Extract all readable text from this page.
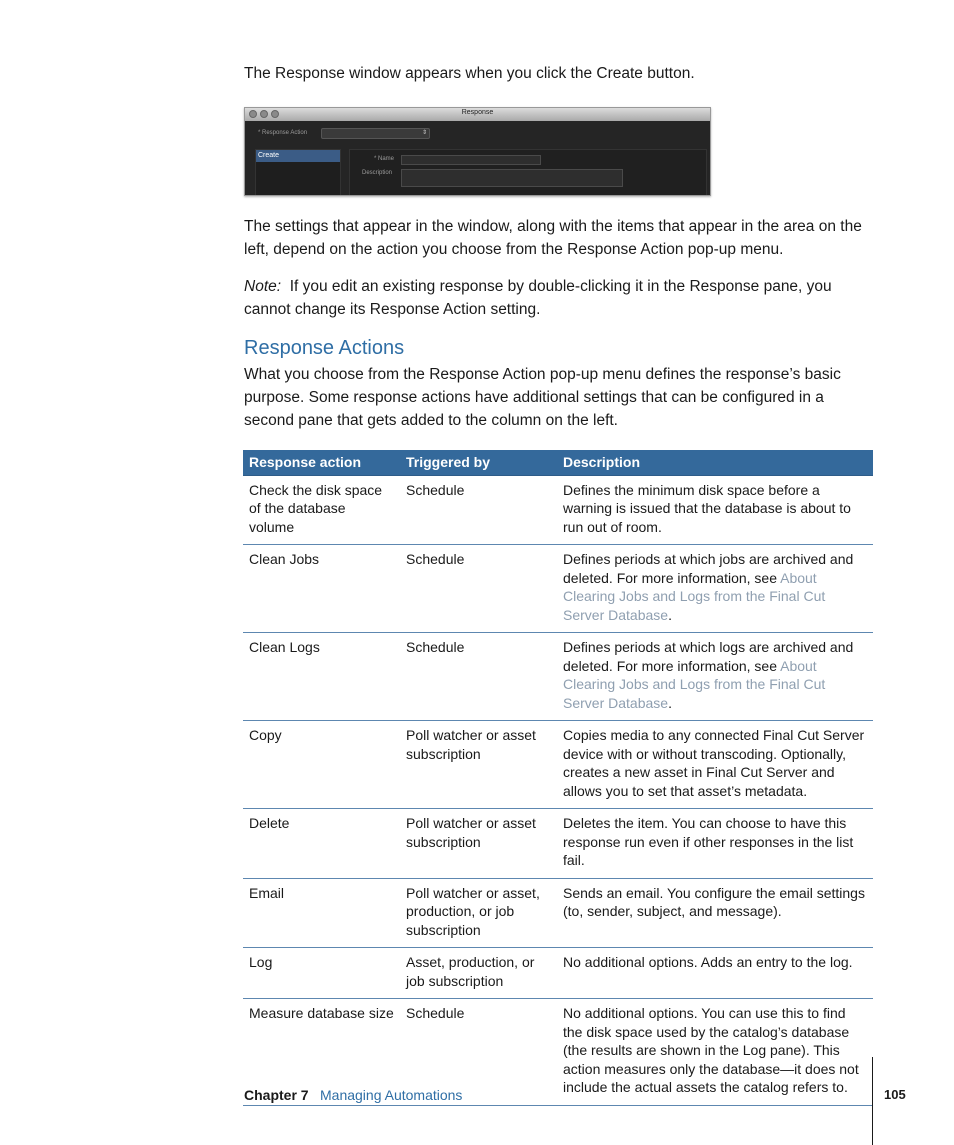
The Response window appears when you click the Create button.

Response
* Response Action	⇕
Create	* Name
Description

The settings that appear in the window, along with the items that appear in the area on the left, depend on the action you choose from the Response Action pop-up menu.

Note: If you edit an existing response by double-clicking it in the Response pane, you cannot change its Response Action setting.

Response Actions

What you choose from the Response Action pop-up menu defines the response’s basic purpose. Some response actions have additional settings that can be configured in a second pane that gets added to the column on the left.

Response action	Triggered by	Description
Check the disk space of the database volume	Schedule	Defines the minimum disk space before a warning is issued that the database is about to run out of room.
Clean Jobs	Schedule	Defines periods at which jobs are archived and deleted. For more information, see About Clearing Jobs and Logs from the Final Cut Server Database.
Clean Logs	Schedule	Defines periods at which logs are archived and deleted. For more information, see About Clearing Jobs and Logs from the Final Cut Server Database.
Copy	Poll watcher or asset subscription	Copies media to any connected Final Cut Server device with or without transcoding. Optionally, creates a new asset in Final Cut Server and allows you to set that asset’s metadata.
Delete	Poll watcher or asset subscription	Deletes the item. You can choose to have this response run even if other responses in the list fail.
Email	Poll watcher or asset, production, or job subscription	Sends an email. You configure the email settings (to, sender, subject, and message).
Log	Asset, production, or job subscription	No additional options. Adds an entry to the log.
Measure database size	Schedule	No additional options. You can use this to find the disk space used by the catalog’s database (the results are shown in the Log pane). This action measures only the database—it does not include the actual assets the catalog refers to.
Chapter 7 Managing Automations	105
